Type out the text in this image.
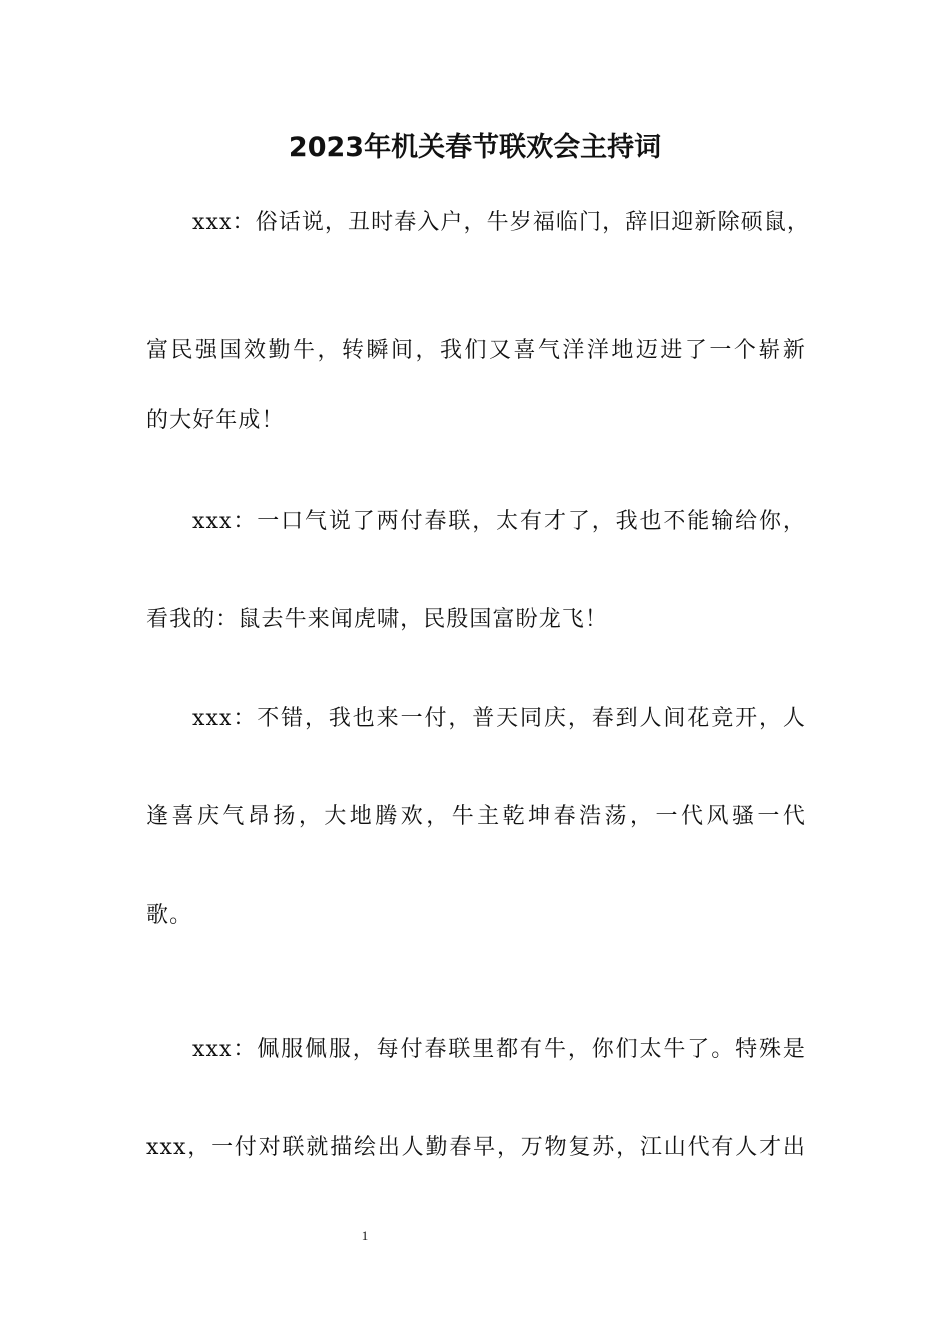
2023年机关春节联欢会主持词
xxx：俗话说，丑时春入户，牛岁福临门，辞旧迎新除硕鼠，
富民强国效勤牛，转瞬间，我们又喜气洋洋地迈进了一个崭新
的大好年成！
xxx：一口气说了两付春联，太有才了，我也不能输给你，
看我的：鼠去牛来闻虎啸，民殷国富盼龙飞！
xxx：不错，我也来一付，普天同庆，春到人间花竞开，人
逢喜庆气昂扬，大地腾欢，牛主乾坤春浩荡，一代风骚一代
歌。
xxx：佩服佩服，每付春联里都有牛，你们太牛了。特殊是
xxx，一付对联就描绘出人勤春早，万物复苏，江山代有人才出
1
